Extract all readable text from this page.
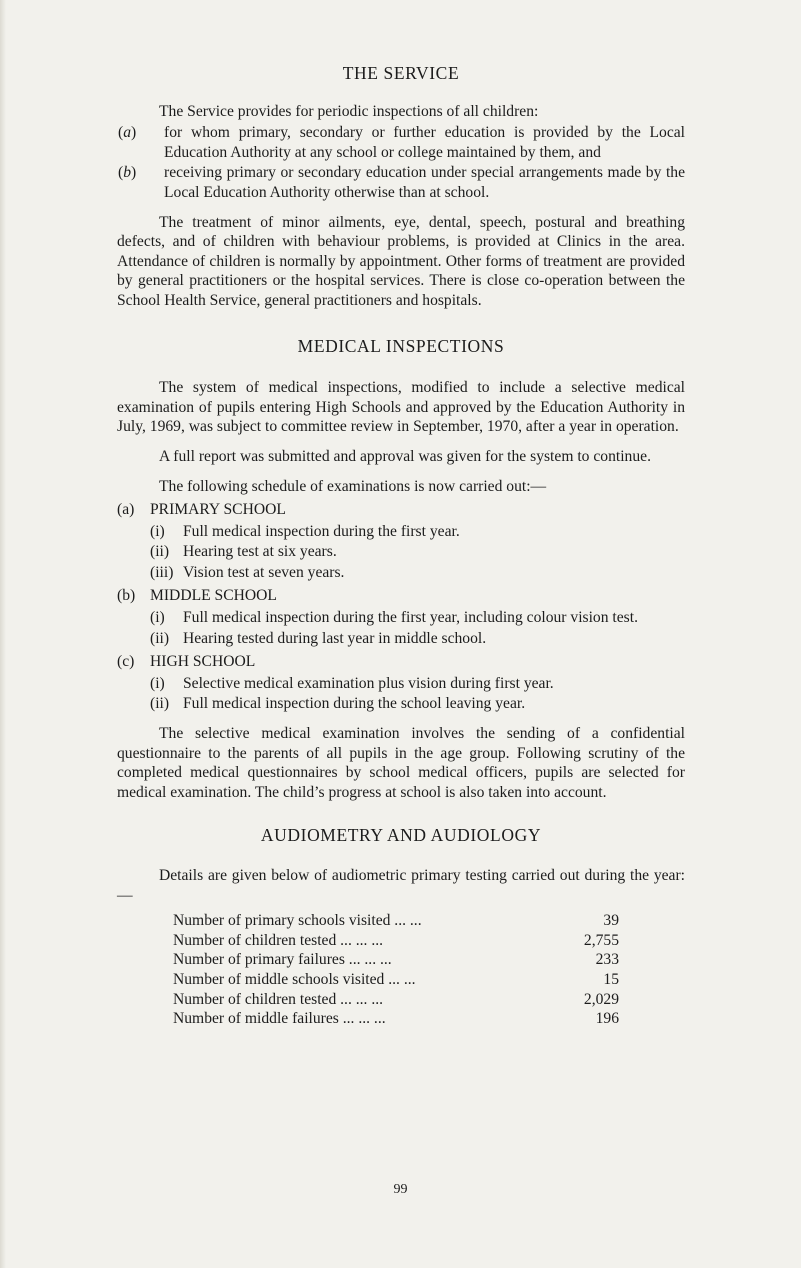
THE SERVICE

The Service provides for periodic inspections of all children:

(a)	for whom primary, secondary or further education is provided by the Local Education Authority at any school or college maintained by them, and
(b)	receiving primary or secondary education under special arrangements made by the Local Education Authority otherwise than at school.

The treatment of minor ailments, eye, dental, speech, postural and breathing defects, and of children with behaviour problems, is provided at Clinics in the area. Attendance of children is normally by appointment. Other forms of treatment are provided by general practitioners or the hospital services. There is close co-operation between the School Health Service, general practitioners and hospitals.

MEDICAL INSPECTIONS

The system of medical inspections, modified to include a selective medical examination of pupils entering High Schools and approved by the Education Authority in July, 1969, was subject to committee review in September, 1970, after a year in operation.

A full report was submitted and approval was given for the system to continue.

The following schedule of examinations is now carried out:—

(a)	PRIMARY SCHOOL
(i)	Full medical inspection during the first year.
(ii) Hearing test at six years.
(iii) Vision test at seven years.
(b) MIDDLE SCHOOL
(i)	Full medical inspection during the first year, including colour vision test.
(ii) Hearing tested during last year in middle school.
(c)	HIGH SCHOOL
(i)	Selective medical examination plus vision during first year.
(ii) Full medical inspection during the school leaving year.

The selective medical examination involves the sending of a confidential questionnaire to the parents of all pupils in the age group. Following scrutiny of the completed medical questionnaires by school medical officers, pupils are selected for medical examination. The child’s progress at school is also taken into account.

AUDIOMETRY AND AUDIOLOGY

Details are given below of audiometric primary testing carried out during the year:—

Number of primary schools visited ... ...	39
Number of children tested ... ... ...	2,755
Number of primary failures ... ... ...	233
Number of middle schools visited ... ...	15
Number of children tested ... ... ...	2,029
Number of middle failures ... ... ...	196
99
